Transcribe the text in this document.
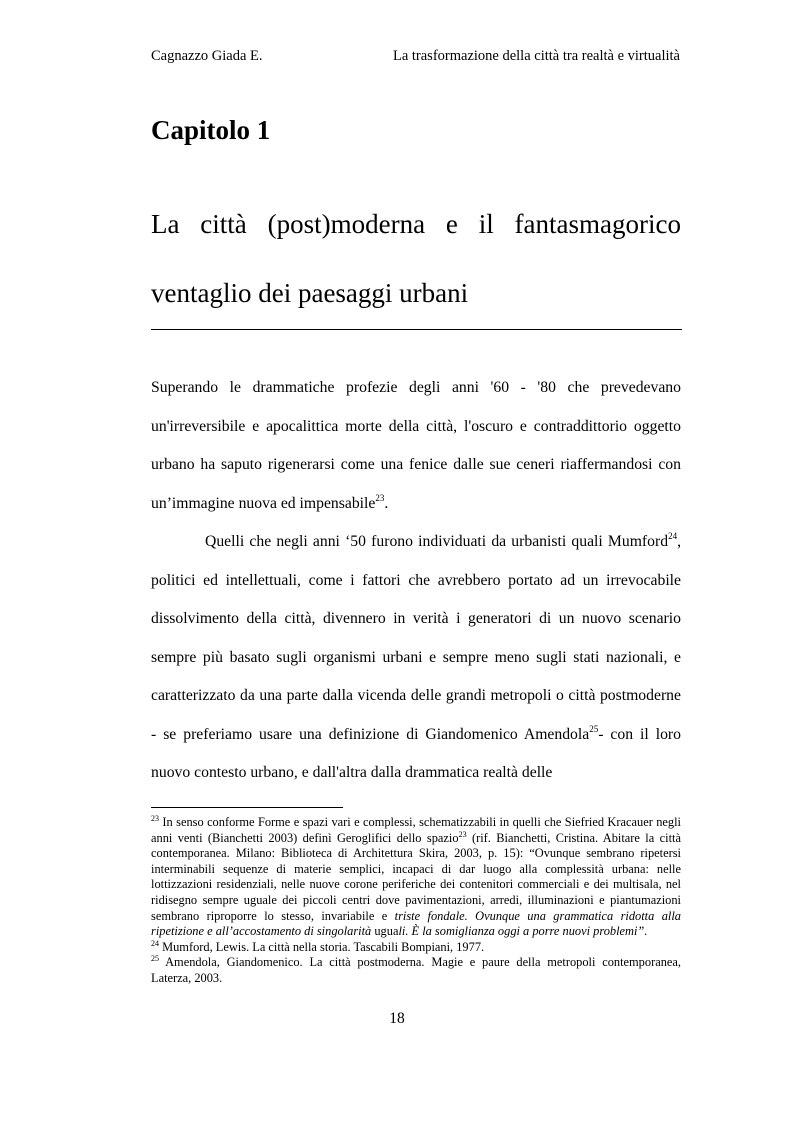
Cagnazzo Giada E.	La trasformazione della città tra realtà e virtualità
Capitolo 1
La città (post)moderna e il fantasmagorico ventaglio dei paesaggi urbani

Superando le drammatiche profezie degli anni '60 - '80 che prevedevano un'irreversibile e apocalittica morte della città, l'oscuro e contraddittorio oggetto urbano ha saputo rigenerarsi come una fenice dalle sue ceneri riaffermandosi con un’immagine nuova ed impensabile$^{23}$.

Quelli che negli anni ‘50 furono individuati da urbanisti quali Mumford$^{24}$, politici ed intellettuali, come i fattori che avrebbero portato ad un irrevocabile dissolvimento della città, divennero in verità i generatori di un nuovo scenario sempre più basato sugli organismi urbani e sempre meno sugli stati nazionali, e caratterizzato da una parte dalla vicenda delle grandi metropoli o città postmoderne - se preferiamo usare una definizione di Giandomenico Amendola$^{25}$- con il loro nuovo contesto urbano, e dall'altra dalla drammatica realtà delle

$^{23}$ In senso conforme Forme e spazi vari e complessi, schematizzabili in quelli che Siefried Kracauer negli anni venti (Bianchetti 2003) definì Geroglifici dello spazio$^{23}$ (rif. Bianchetti, Cristina. Abitare la città contemporanea. Milano: Biblioteca di Architettura Skira, 2003, p. 15): “Ovunque sembrano ripetersi interminabili sequenze di materie semplici, incapaci di dar luogo alla complessità urbana: nelle lottizzazioni residenziali, nelle nuove corone periferiche dei contenitori commerciali e dei multisala, nel ridisegno sempre uguale dei piccoli centri dove pavimentazioni, arredi, illuminazioni e piantumazioni sembrano riproporre lo stesso, invariabile e triste fondale. Ovunque una grammatica ridotta alla ripetizione e all’accostamento di singolarità uguali. È la somiglianza oggi a porre nuovi problemi”.

$^{24}$ Mumford, Lewis. La città nella storia. Tascabili Bompiani, 1977.

$^{25}$ Amendola, Giandomenico. La città postmoderna. Magie e paure della metropoli contemporanea, Laterza, 2003.

18
